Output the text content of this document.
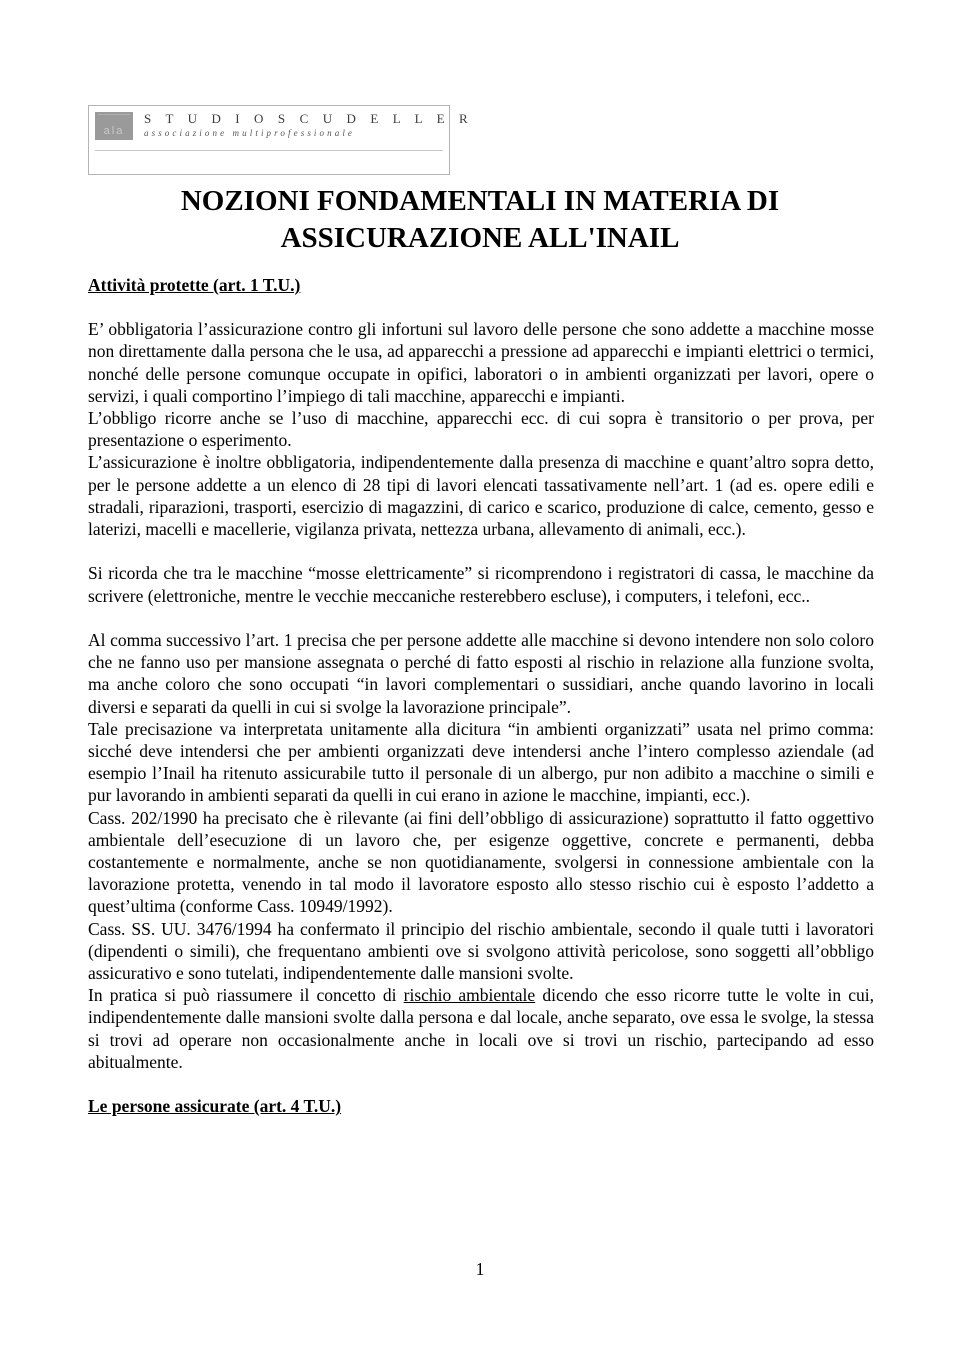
ala
S T U D I O S C U D E L L E R
associazione multiprofessionale
NOZIONI FONDAMENTALI IN MATERIA DI
ASSICURAZIONE ALL'INAIL
Attività protette (art. 1 T.U.)

E’ obbligatoria l’assicurazione contro gli infortuni sul lavoro delle persone che sono addette a macchine mosse non direttamente dalla persona che le usa, ad apparecchi a pressione ad apparecchi e impianti elettrici o termici, nonché delle persone comunque occupate in opifici, laboratori o in ambienti organizzati per lavori, opere o servizi, i quali comportino l’impiego di tali macchine, apparecchi e impianti.

L’obbligo ricorre anche se l’uso di macchine, apparecchi ecc. di cui sopra è transitorio o per prova, per presentazione o esperimento.

L’assicurazione è inoltre obbligatoria, indipendentemente dalla presenza di macchine e quant’altro sopra detto, per le persone addette a un elenco di 28 tipi di lavori elencati tassativamente nell’art. 1 (ad es. opere edili e stradali, riparazioni, trasporti, esercizio di magazzini, di carico e scarico, produzione di calce, cemento, gesso e laterizi, macelli e macellerie, vigilanza privata, nettezza urbana, allevamento di animali, ecc.).

Si ricorda che tra le macchine “mosse elettricamente” si ricomprendono i registratori di cassa, le macchine da scrivere (elettroniche, mentre le vecchie meccaniche resterebbero escluse), i computers, i telefoni, ecc..

Al comma successivo l’art. 1 precisa che per persone addette alle macchine si devono intendere non solo coloro che ne fanno uso per mansione assegnata o perché di fatto esposti al rischio in relazione alla funzione svolta, ma anche coloro che sono occupati “in lavori complementari o sussidiari, anche quando lavorino in locali diversi e separati da quelli in cui si svolge la lavorazione principale”.

Tale precisazione va interpretata unitamente alla dicitura “in ambienti organizzati” usata nel primo comma: sicché deve intendersi che per ambienti organizzati deve intendersi anche l’intero complesso aziendale (ad esempio l’Inail ha ritenuto assicurabile tutto il personale di un albergo, pur non adibito a macchine o simili e pur lavorando in ambienti separati da quelli in cui erano in azione le macchine, impianti, ecc.).

Cass. 202/1990 ha precisato che è rilevante (ai fini dell’obbligo di assicurazione) soprattutto il fatto oggettivo ambientale dell’esecuzione di un lavoro che, per esigenze oggettive, concrete e permanenti, debba costantemente e normalmente, anche se non quotidianamente, svolgersi in connessione ambientale con la lavorazione protetta, venendo in tal modo il lavoratore esposto allo stesso rischio cui è esposto l’addetto a quest’ultima (conforme Cass. 10949/1992).

Cass. SS. UU. 3476/1994 ha confermato il principio del rischio ambientale, secondo il quale tutti i lavoratori (dipendenti o simili), che frequentano ambienti ove si svolgono attività pericolose, sono soggetti all’obbligo assicurativo e sono tutelati, indipendentemente dalle mansioni svolte.

In pratica si può riassumere il concetto di rischio ambientale dicendo che esso ricorre tutte le volte in cui, indipendentemente dalle mansioni svolte dalla persona e dal locale, anche separato, ove essa le svolge, la stessa si trovi ad operare non occasionalmente anche in locali ove si trovi un rischio, partecipando ad esso abitualmente.

Le persone assicurate (art. 4 T.U.)
1
